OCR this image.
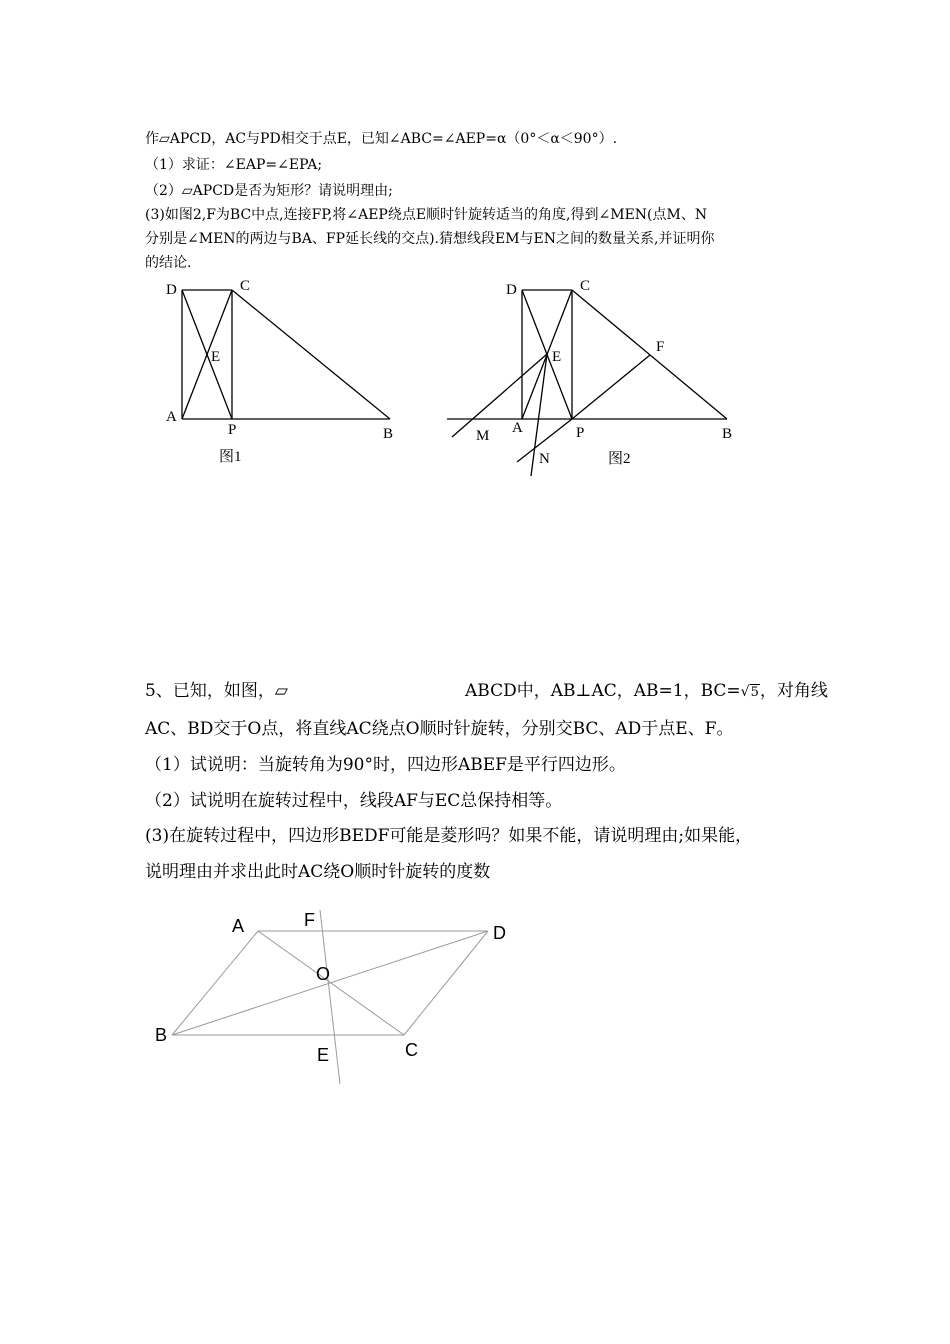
作▱APCD，AC与PD相交于点E，已知∠ABC=∠AEP=α（0°＜α＜90°）.
（1）求证：∠EAP=∠EPA;
（2）▱APCD是否为矩形？请说明理由;
(3)如图2,F为BC中点,连接FP,将∠AEP绕点E顺时针旋转适当的角度,得到∠MEN(点M、N
分别是∠MEN的两边与BA、FP延长线的交点).猜想线段EM与EN之间的数量关系,并证明你
的结论.
D	C
E
A
P	B
图1
D	C
E
F
M A	P	B
N	图2
5、已知，如图，▱	ABCD中，AB⊥AC，AB=1，BC=√5，对角线
AC、BD交于O点，将直线AC绕点O顺时针旋转，分别交BC、AD于点E、F。
（1）试说明：当旋转角为90°时，四边形ABEF是平行四边形。
（2）试说明在旋转过程中，线段AF与EC总保持相等。
(3)在旋转过程中，四边形BEDF可能是菱形吗？如果不能，请说明理由;如果能，
说明理由并求出此时AC绕O顺时针旋转的度数
A	F
D
O
B
E	C
